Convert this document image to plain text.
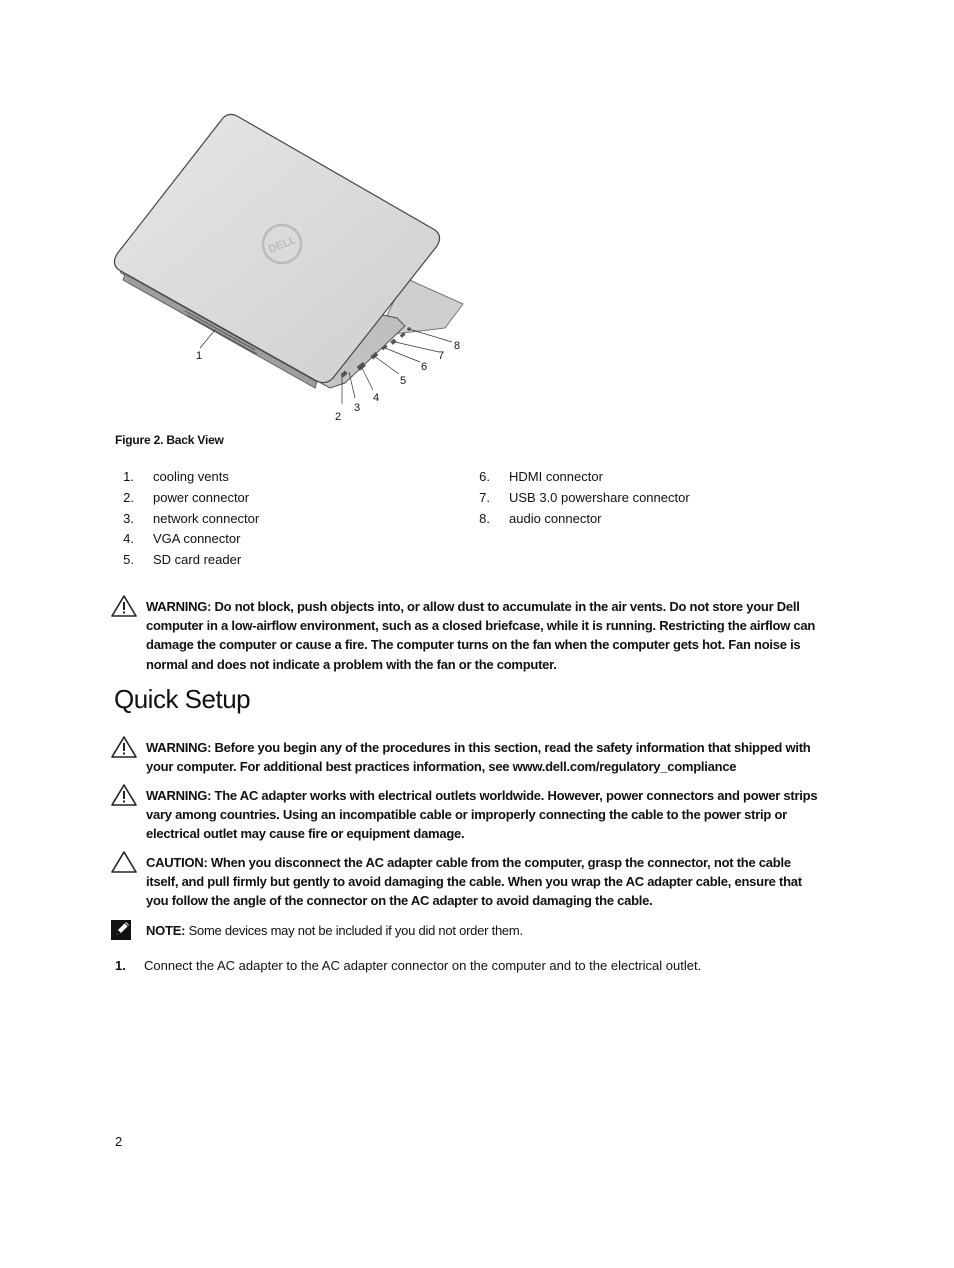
DELL
1
2
3
4
5
6
7
8
Figure 2. Back View
1. cooling vents
2. power connector
3. network connector
4. VGA connector
5. SD card reader
6. HDMI connector
7. USB 3.0 powershare connector
8. audio connector
WARNING: Do not block, push objects into, or allow dust to accumulate in the air vents. Do not store your Dell computer in a low-airflow environment, such as a closed briefcase, while it is running. Restricting the airflow can damage the computer or cause a fire. The computer turns on the fan when the computer gets hot. Fan noise is normal and does not indicate a problem with the fan or the computer.
Quick Setup
WARNING: Before you begin any of the procedures in this section, read the safety information that shipped with your computer. For additional best practices information, see www.dell.com/regulatory_compliance
WARNING: The AC adapter works with electrical outlets worldwide. However, power connectors and power strips vary among countries. Using an incompatible cable or improperly connecting the cable to the power strip or electrical outlet may cause fire or equipment damage.
CAUTION: When you disconnect the AC adapter cable from the computer, grasp the connector, not the cable itself, and pull firmly but gently to avoid damaging the cable. When you wrap the AC adapter cable, ensure that you follow the angle of the connector on the AC adapter to avoid damaging the cable.
NOTE: Some devices may not be included if you did not order them.
1.	Connect the AC adapter to the AC adapter connector on the computer and to the electrical outlet.
2
